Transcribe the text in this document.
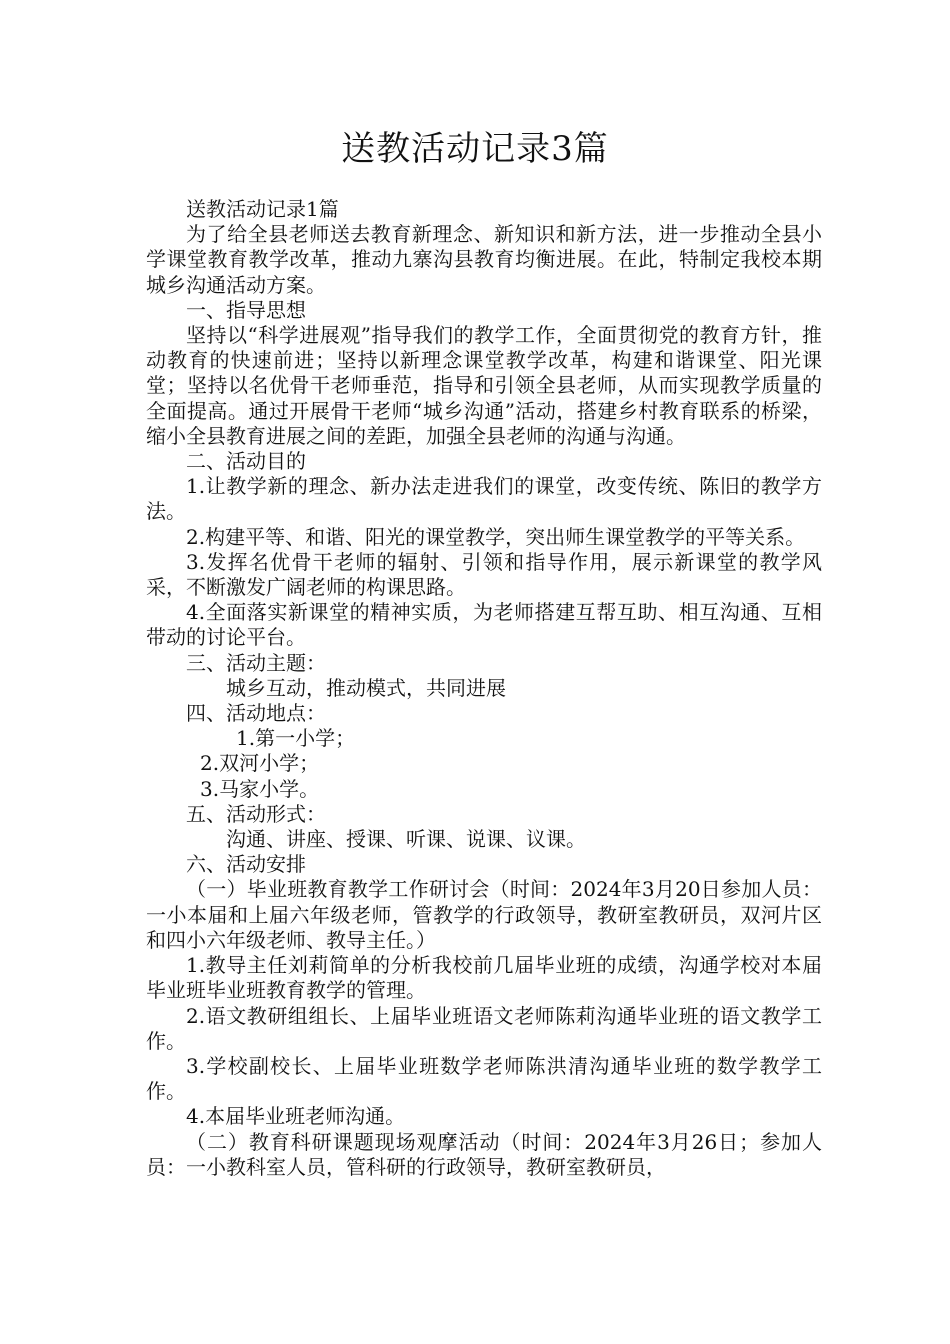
送教活动记录3篇

送教活动记录1篇

为了给全县老师送去教育新理念、新知识和新方法，进一步推动全县小学课堂教育教学改革，推动九寨沟县教育均衡进展。在此，特制定我校本期城乡沟通活动方案。

一、指导思想

坚持以“科学进展观”指导我们的教学工作，全面贯彻党的教育方针，推动教育的快速前进；坚持以新理念课堂教学改革，构建和谐课堂、阳光课堂；坚持以名优骨干老师垂范，指导和引领全县老师，从而实现教学质量的全面提高。通过开展骨干老师“城乡沟通”活动，搭建乡村教育联系的桥梁，缩小全县教育进展之间的差距，加强全县老师的沟通与沟通。

二、活动目的

1.让教学新的理念、新办法走进我们的课堂，改变传统、陈旧的教学方法。

2.构建平等、和谐、阳光的课堂教学，突出师生课堂教学的平等关系。

3.发挥名优骨干老师的辐射、引领和指导作用，展示新课堂的教学风采，不断激发广阔老师的构课思路。

4.全面落实新课堂的精神实质，为老师搭建互帮互助、相互沟通、互相带动的讨论平台。

三、活动主题：

城乡互动，推动模式，共同进展

四、活动地点：

1.第一小学；

2.双河小学；

3.马家小学。

五、活动形式：

沟通、讲座、授课、听课、说课、议课。

六、活动安排

（一）毕业班教育教学工作研讨会（时间：2024年3月20日参加人员：一小本届和上届六年级老师，管教学的行政领导，教研室教研员，双河片区和四小六年级老师、教导主任。）

1.教导主任刘莉简单的分析我校前几届毕业班的成绩，沟通学校对本届毕业班毕业班教育教学的管理。

2.语文教研组组长、上届毕业班语文老师陈莉沟通毕业班的语文教学工作。

3.学校副校长、上届毕业班数学老师陈洪清沟通毕业班的数学教学工作。

4.本届毕业班老师沟通。

（二）教育科研课题现场观摩活动（时间：2024年3月26日；参加人员：一小教科室人员，管科研的行政领导，教研室教研员，
